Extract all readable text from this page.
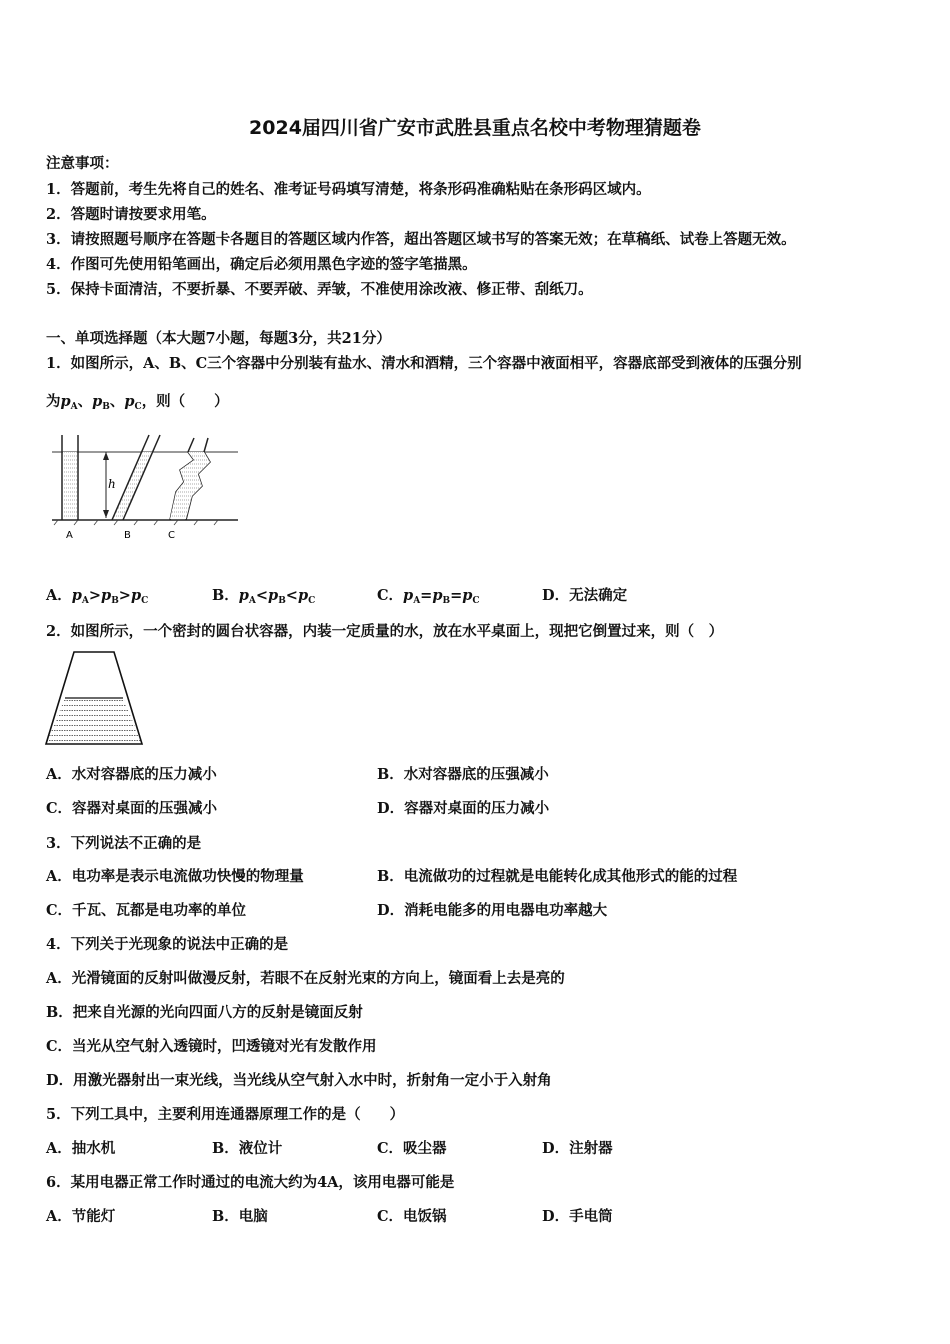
2024届四川省广安市武胜县重点名校中考物理猜题卷
注意事项：
1．答题前，考生先将自己的姓名、准考证号码填写清楚，将条形码准确粘贴在条形码区域内。
2．答题时请按要求用笔。
3．请按照题号顺序在答题卡各题目的答题区域内作答，超出答题区域书写的答案无效；在草稿纸、试卷上答题无效。
4．作图可先使用铅笔画出，确定后必须用黑色字迹的签字笔描黑。
5．保持卡面清洁，不要折暴、不要弄破、弄皱，不准使用涂改液、修正带、刮纸刀。
一、单项选择题（本大题7小题，每题3分，共21分）
1．如图所示，A、B、C三个容器中分别装有盐水、清水和酒精，三个容器中液面相平，容器底部受到液体的压强分别
为$p_A$、$p_B$、$p_C$，则（　　）
h
A	B	C
A．$p_A>p_B>p_C$	B．$p_A<p_B<p_C$	C．$p_A=p_B=p_C$	D．无法确定
2．如图所示，一个密封的圆台状容器，内装一定质量的水，放在水平桌面上，现把它倒置过来，则（　）
A．水对容器底的压力减小	B．水对容器底的压强减小
C．容器对桌面的压强减小	D．容器对桌面的压力减小
3．下列说法不正确的是
A．电功率是表示电流做功快慢的物理量	B．电流做功的过程就是电能转化成其他形式的能的过程
C．千瓦、瓦都是电功率的单位	D．消耗电能多的用电器电功率越大
4．下列关于光现象的说法中正确的是
A．光滑镜面的反射叫做漫反射，若眼不在反射光束的方向上，镜面看上去是亮的
B．把来自光源的光向四面八方的反射是镜面反射
C．当光从空气射入透镜时，凹透镜对光有发散作用
D．用激光器射出一束光线，当光线从空气射入水中时，折射角一定小于入射角
5．下列工具中，主要利用连通器原理工作的是（　　）
A．抽水机	B．液位计	C．吸尘器	D．注射器
6．某用电器正常工作时通过的电流大约为4A，该用电器可能是
A．节能灯	B．电脑	C．电饭锅	D．手电筒
